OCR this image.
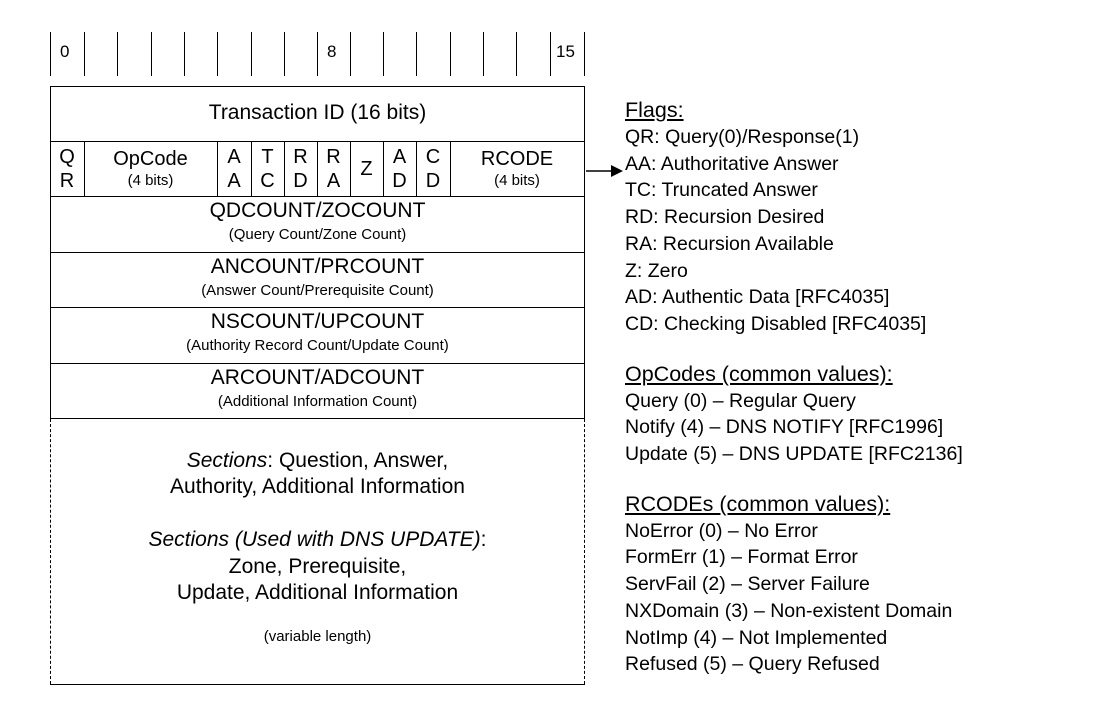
0	8	15
Transaction ID (16 bits)
Q
R
OpCode
(4 bits)
A
A
T
C
R
D
R
A
Z
A
D
C
D
RCODE
(4 bits)
QDCOUNT/ZOCOUNT
(Query Count/Zone Count)
ANCOUNT/PRCOUNT
(Answer Count/Prerequisite Count)
NSCOUNT/UPCOUNT
(Authority Record Count/Update Count)
ARCOUNT/ADCOUNT
(Additional Information Count)
Sections: Question, Answer,
Authority, Additional Information
Sections (Used with DNS UPDATE):
Zone, Prerequisite,
Update, Additional Information
(variable length)
Flags:
QR: Query(0)/Response(1)
AA: Authoritative Answer
TC: Truncated Answer
RD: Recursion Desired
RA: Recursion Available
Z: Zero
AD: Authentic Data [RFC4035]
CD: Checking Disabled [RFC4035]
OpCodes (common values):
Query (0) – Regular Query
Notify (4) – DNS NOTIFY [RFC1996]
Update (5) – DNS UPDATE [RFC2136]
RCODEs (common values):
NoError (0) – No Error
FormErr (1) – Format Error
ServFail (2) – Server Failure
NXDomain (3) – Non-existent Domain
NotImp (4) – Not Implemented
Refused (5) – Query Refused
